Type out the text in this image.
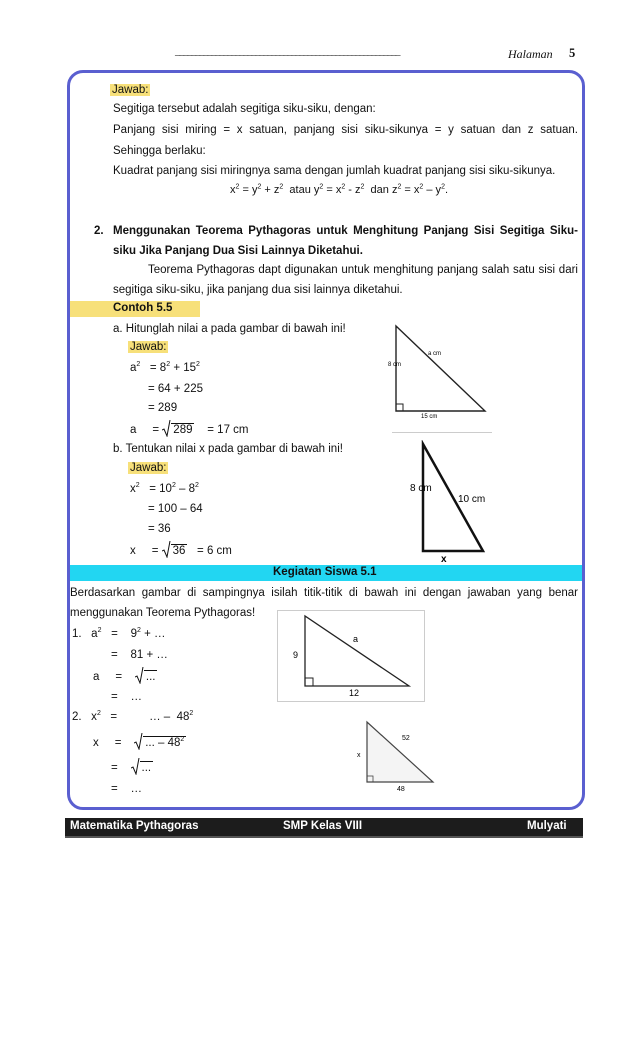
________________________________________________________	Halaman 5
Jawab:
Segitiga tersebut adalah segitiga siku-siku, dengan:
Panjang sisi miring = x satuan, panjang sisi siku-sikunya = y satuan dan z satuan.
Sehingga berlaku:
Kuadrat panjang sisi miringnya sama dengan jumlah kuadrat panjang sisi siku-sikunya.
$x^2 = y^2 + z^2$  atau $y^2 = x^2 - z^2$  dan $z^2 = x^2 - y^2$.
2. Menggunakan Teorema Pythagoras untuk Menghitung Panjang Sisi Segitiga Siku-
siku Jika Panjang Dua Sisi Lainnya Diketahui.
Teorema Pythagoras dapt digunakan untuk menghitung panjang salah satu sisi dari
segitiga siku-siku, jika panjang dua sisi lainnya diketahui.
Contoh 5.5
a. Hitunglah nilai a pada gambar di bawah ini!
Jawab:
$a^2 = 8^2 + 15^2$
= 64 + 225
= 289
a     =
289 = 17 cm
a cm
8 cm
15 cm
b. Tentukan nilai x pada gambar di bawah ini!
Jawab:
$x^2 = 10^2 - 8^2$
= 100 – 64
= 36
x     =
36 = 6 cm
8 cm
10 cm
x
Kegiatan Siswa 5.1
Berdasarkan gambar di sampingnya isilah titik-titik di bawah ini dengan jawaban yang benar
menggunakan Teorema Pythagoras!
1.   $a^2$   =    $9^2$ + …
=    81 + …
a     =
...
=    …
9
a
12
2.   $x^2$   =          … –  $48^2$
x     =
... – $48^2$
=
...
=    …
x
52
48
Matematika Pythagoras	SMP Kelas VIII	Mulyati
